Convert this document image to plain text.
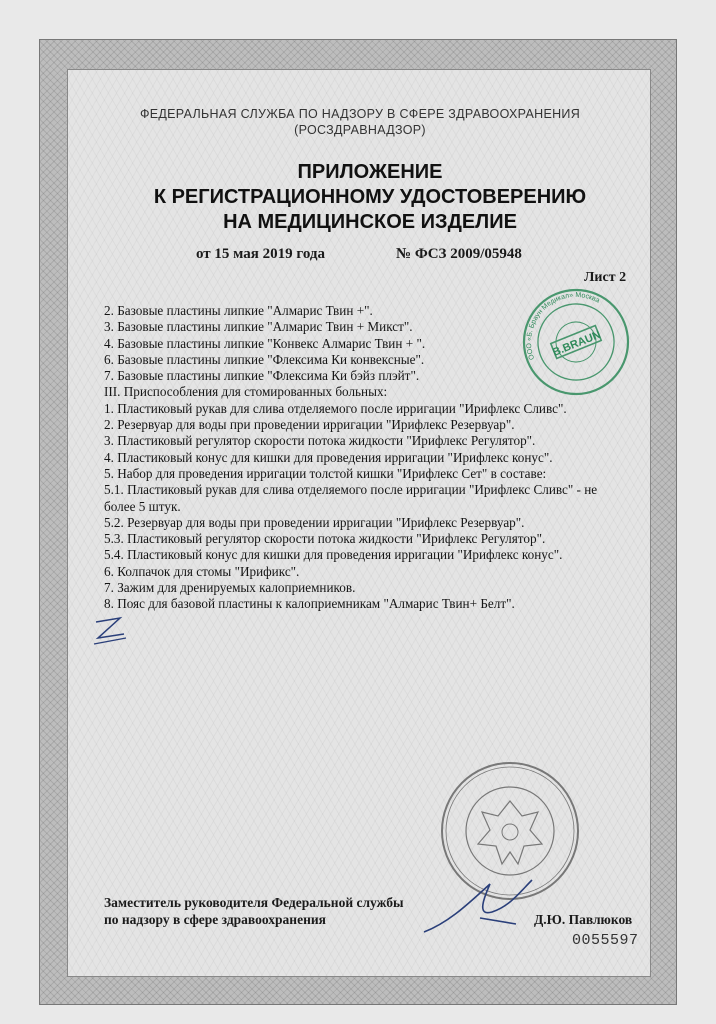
ФЕДЕРАЛЬНАЯ СЛУЖБА ПО НАДЗОРУ В СФЕРЕ ЗДРАВООХРАНЕНИЯ
(РОСЗДРАВНАДЗОР)
ПРИЛОЖЕНИЕ
К РЕГИСТРАЦИОННОМУ УДОСТОВЕРЕНИЮ
НА МЕДИЦИНСКОЕ ИЗДЕЛИЕ
от 15 мая 2019 года	№ ФСЗ 2009/05948
Лист 2
2. Базовые пластины липкие "Алмарис Твин +".
3. Базовые пластины липкие "Алмарис Твин + Микст".
4. Базовые пластины липкие "Конвекс Алмарис Твин + ".
6. Базовые пластины липкие "Флексима Ки конвексные".
7. Базовые пластины липкие "Флексима Ки бэйз плэйт".
III. Приспособления для стомированных больных:
1. Пластиковый рукав для слива отделяемого после ирригации "Ирифлекс Сливс".
2. Резервуар для воды при проведении ирригации "Ирифлекс Резервуар".
3. Пластиковый регулятор скорости потока жидкости "Ирифлекс Регулятор".
4. Пластиковый конус для кишки для проведения ирригации "Ирифлекс конус".
5. Набор для проведения ирригации толстой кишки "Ирифлекс Сет" в составе:
5.1. Пластиковый рукав для слива отделяемого после ирригации "Ирифлекс Сливс" - не более 5 штук.
5.2. Резервуар для воды при проведении ирригации "Ирифлекс Резервуар".
5.3. Пластиковый регулятор скорости потока жидкости "Ирифлекс Регулятор".
5.4. Пластиковый конус для кишки для проведения ирригации "Ирифлекс конус".
6. Колпачок для стомы "Ирификс".
7. Зажим для дренируемых калоприемников.
8. Пояс для базовой пластины к калоприемникам "Алмарис Твин+ Белт".
B.BRAUN
ООО «Б. Браун Медикал» Москва
Заместитель руководителя Федеральной службы
по надзору в сфере здравоохранения	Д.Ю. Павлюков
0055597
